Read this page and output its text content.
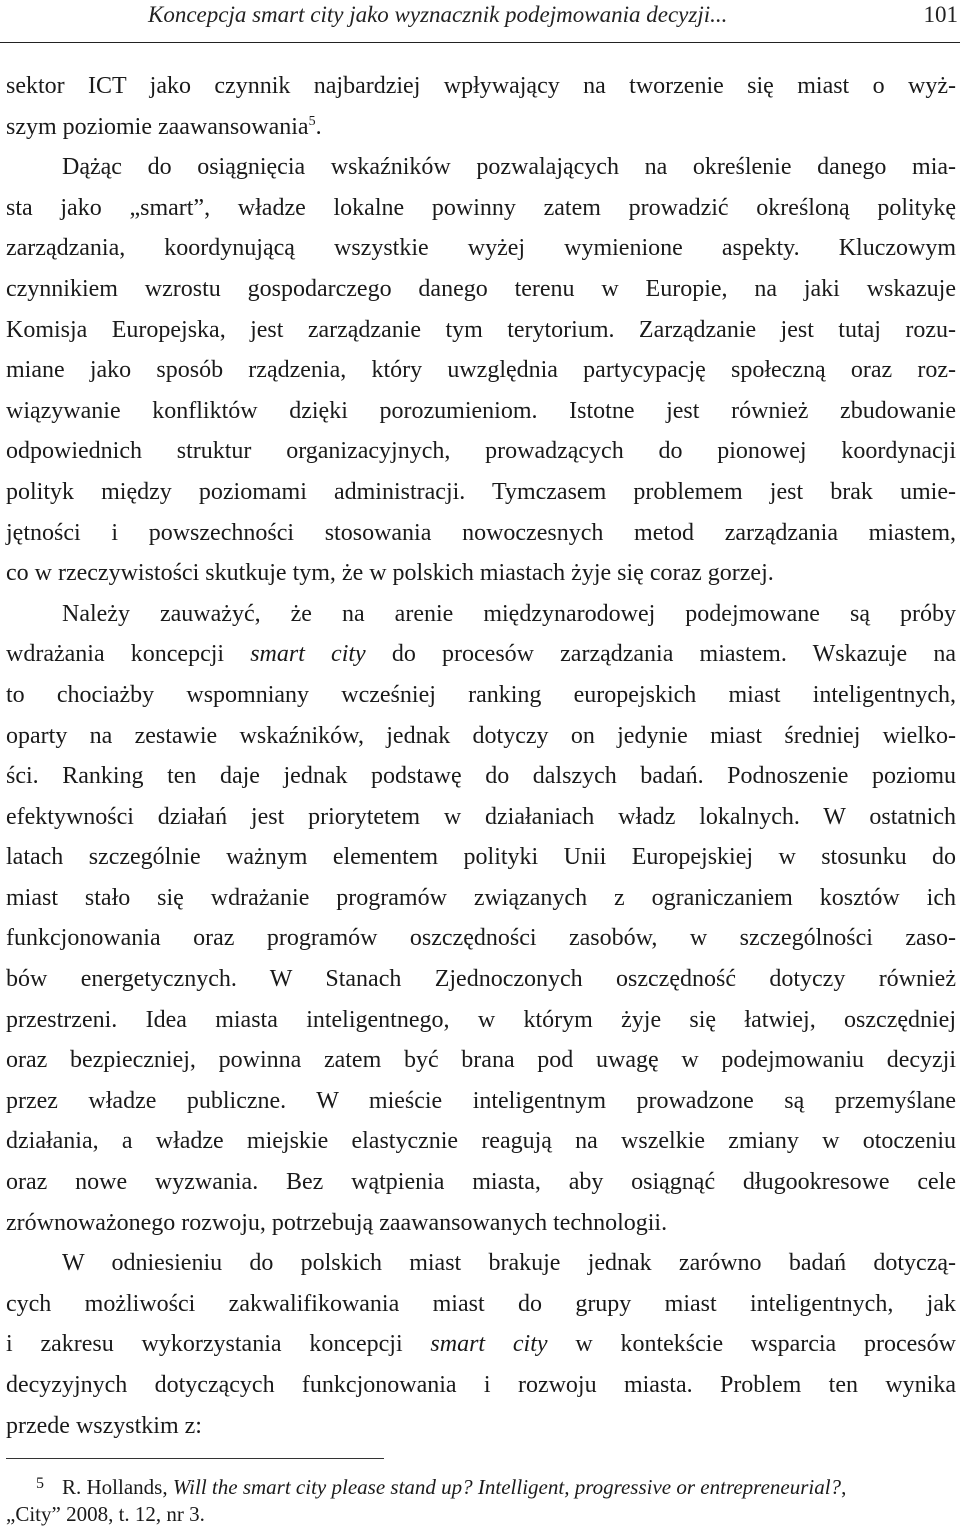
Koncepcja smart city jako wyznacznik podejmowania decyzji...	101
sektor ICT jako czynnik najbardziej wpływający na tworzenie się miast o wyż-
szym poziomie zaawansowania$^5$.
Dążąc do osiągnięcia wskaźników pozwalających na określenie danego mia-
sta jako „smart”, władze lokalne powinny zatem prowadzić określoną politykę
zarządzania, koordynującą wszystkie wyżej wymienione aspekty. Kluczowym
czynnikiem wzrostu gospodarczego danego terenu w Europie, na jaki wskazuje
Komisja Europejska, jest zarządzanie tym terytorium. Zarządzanie jest tutaj rozu-
miane jako sposób rządzenia, który uwzględnia partycypację społeczną oraz roz-
wiązywanie konfliktów dzięki porozumieniom. Istotne jest również zbudowanie
odpowiednich struktur organizacyjnych, prowadzących do pionowej koordynacji
polityk między poziomami administracji. Tymczasem problemem jest brak umie-
jętności i powszechności stosowania nowoczesnych metod zarządzania miastem,
co w rzeczywistości skutkuje tym, że w polskich miastach żyje się coraz gorzej.
Należy zauważyć, że na arenie międzynarodowej podejmowane są próby
wdrażania koncepcji smart city do procesów zarządzania miastem. Wskazuje na
to chociażby wspomniany wcześniej ranking europejskich miast inteligentnych,
oparty na zestawie wskaźników, jednak dotyczy on jedynie miast średniej wielko-
ści. Ranking ten daje jednak podstawę do dalszych badań. Podnoszenie poziomu
efektywności działań jest priorytetem w działaniach władz lokalnych. W ostatnich
latach szczególnie ważnym elementem polityki Unii Europejskiej w stosunku do
miast stało się wdrażanie programów związanych z ograniczaniem kosztów ich
funkcjonowania oraz programów oszczędności zasobów, w szczególności zaso-
bów energetycznych. W Stanach Zjednoczonych oszczędność dotyczy również
przestrzeni. Idea miasta inteligentnego, w którym żyje się łatwiej, oszczędniej
oraz bezpieczniej, powinna zatem być brana pod uwagę w podejmowaniu decyzji
przez władze publiczne. W mieście inteligentnym prowadzone są przemyślane
działania, a władze miejskie elastycznie reagują na wszelkie zmiany w otoczeniu
oraz nowe wyzwania. Bez wątpienia miasta, aby osiągnąć długookresowe cele
zrównoważonego rozwoju, potrzebują zaawansowanych technologii.
W odniesieniu do polskich miast brakuje jednak zarówno badań dotyczą-
cych możliwości zakwalifikowania miast do grupy miast inteligentnych, jak
i zakresu wykorzystania koncepcji smart city w kontekście wsparcia procesów
decyzyjnych dotyczących funkcjonowania i rozwoju miasta. Problem ten wynika
przede wszystkim z:
5 R. Hollands, Will the smart city please stand up? Intelligent, progressive or entrepreneurial?,
„City” 2008, t. 12, nr 3.
